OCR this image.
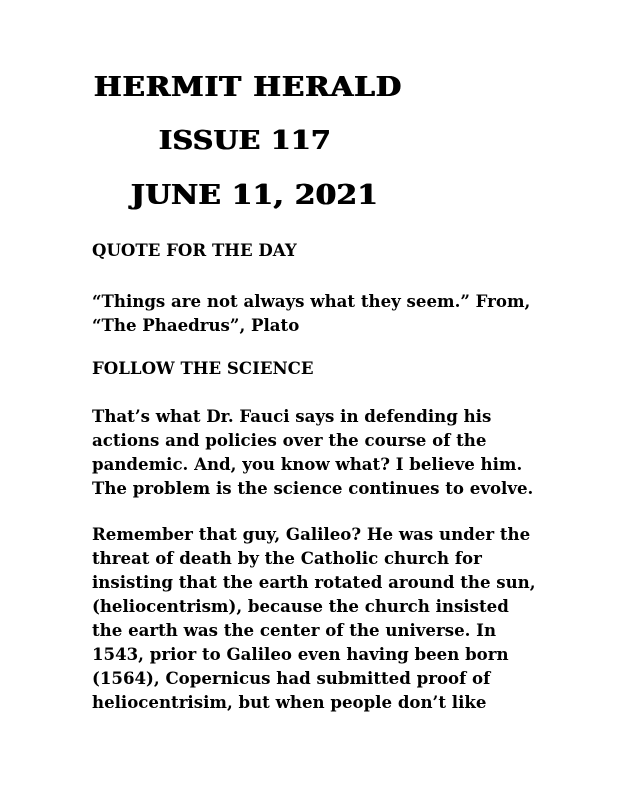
HERMIT HERALD
ISSUE 117
JUNE 11, 2021
QUOTE FOR THE DAY
“Things are not always what they seem.” From,
“The Phaedrus”, Plato
FOLLOW THE SCIENCE
That’s what Dr. Fauci says in defending his
actions and policies over the course of the
pandemic. And, you know what? I believe him.
The problem is the science continues to evolve.
Remember that guy, Galileo? He was under the
threat of death by the Catholic church for
insisting that the earth rotated around the sun,
(heliocentrism), because the church insisted
the earth was the center of the universe. In
1543, prior to Galileo even having been born
(1564), Copernicus had submitted proof of
heliocentrisim, but when people don’t like
